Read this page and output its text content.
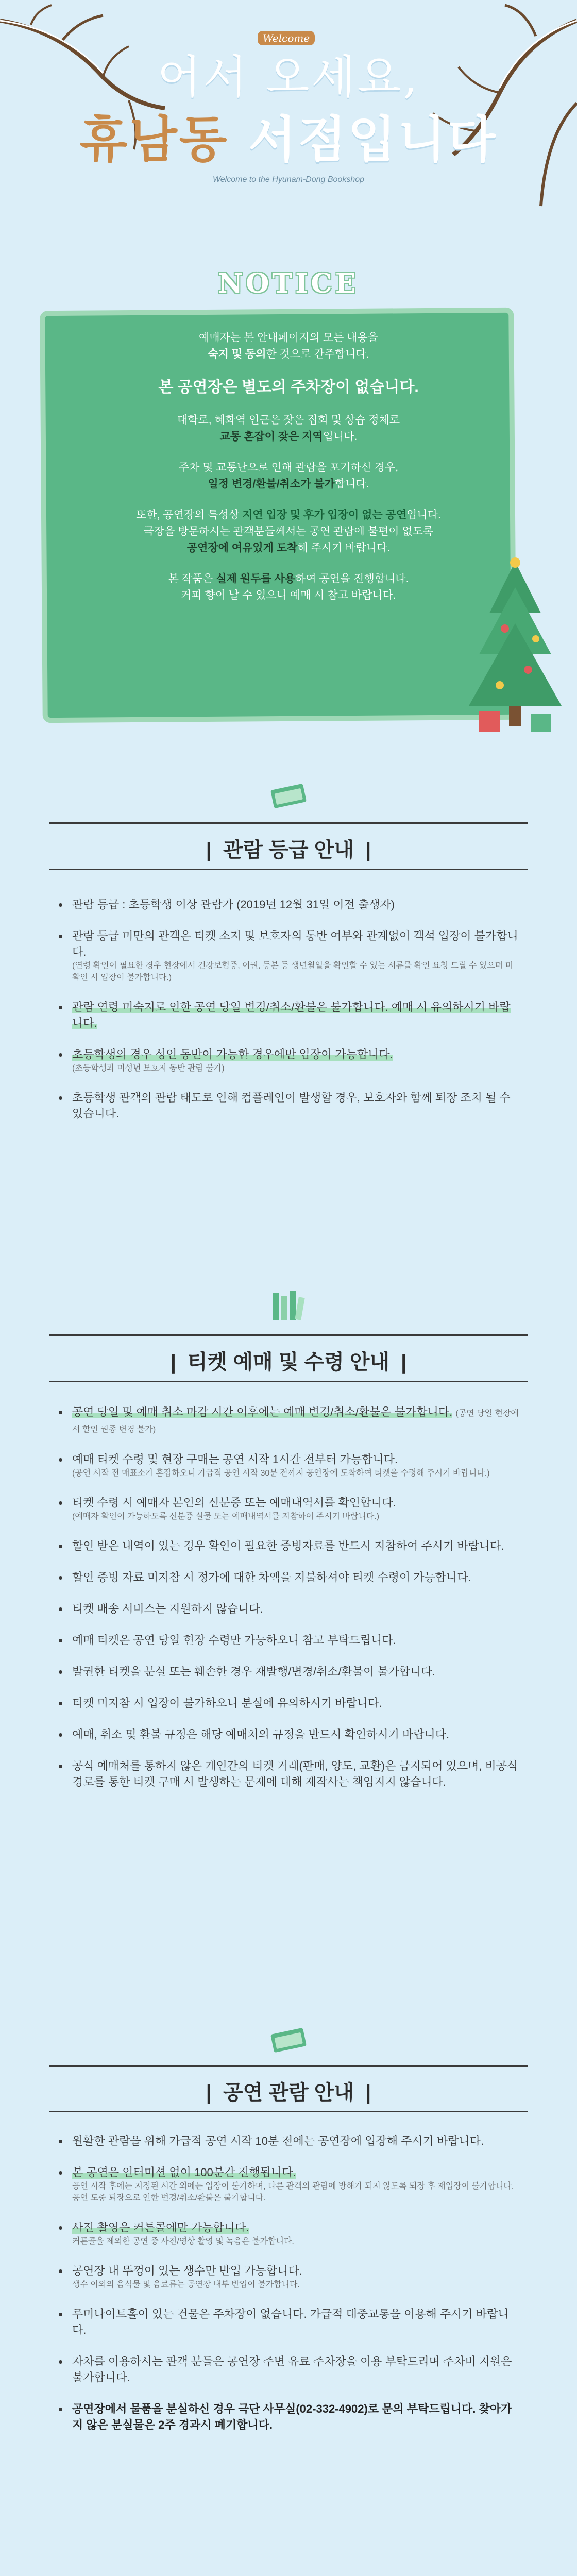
Welcome
어서 오세요,
휴남동 서점입니다
Welcome to the Hyunam-Dong Bookshop
NOTICE

예매자는 본 안내페이지의 모든 내용을
숙지 및 동의한 것으로 간주합니다.

본 공연장은 별도의 주차장이 없습니다.

대학로, 혜화역 인근은 잦은 집회 및 상습 정체로
교통 혼잡이 잦은 지역입니다.

주차 및 교통난으로 인해 관람을 포기하신 경우,
일정 변경/환불/취소가 불가합니다.

또한, 공연장의 특성상 지연 입장 및 후가 입장이 없는 공연입니다.
극장을 방문하시는 관객분들께서는 공연 관람에 불편이 없도록
공연장에 여유있게 도착해 주시기 바랍니다.

본 작품은 실제 원두를 사용하여 공연을 진행합니다.
커피 향이 날 수 있으니 예매 시 참고 바랍니다.

| 관람 등급 안내 |
관람 등급 : 초등학생 이상 관람가 (2019년 12월 31일 이전 출생자)
관람 등급 미만의 관객은 티켓 소지 및 보호자의 동반 여부와 관계없이 객석 입장이 불가합니다.
(연령 확인이 필요한 경우 현장에서 건강보험증, 여권, 등본 등 생년월일을 확인할 수 있는 서류를 확인 요청 드릴 수 있으며 미확인 시 입장이 불가합니다.)
관람 연령 미숙지로 인한 공연 당일 변경/취소/환불은 불가합니다. 예매 시 유의하시기 바랍니다.
초등학생의 경우 성인 동반이 가능한 경우에만 입장이 가능합니다.
(초등학생과 미성년 보호자 동반 관람 불가)
초등학생 관객의 관람 태도로 인해 컴플레인이 발생할 경우, 보호자와 함께 퇴장 조치 될 수 있습니다.
| 티켓 예매 및 수령 안내 |
공연 당일 및 예매 취소 마감 시간 이후에는 예매 변경/취소/환불은 불가합니다. (공연 당일 현장에서 할인 권종 변경 불가)
예매 티켓 수령 및 현장 구매는 공연 시작 1시간 전부터 가능합니다.
(공연 시작 전 매표소가 혼잡하오니 가급적 공연 시작 30분 전까지 공연장에 도착하여 티켓을 수령해 주시기 바랍니다.)
티켓 수령 시 예매자 본인의 신분증 또는 예매내역서를 확인합니다.
(예매자 확인이 가능하도록 신분증 실물 또는 예매내역서를 지참하여 주시기 바랍니다.)
할인 받은 내역이 있는 경우 확인이 필요한 증빙자료를 반드시 지참하여 주시기 바랍니다.
할인 증빙 자료 미지참 시 정가에 대한 차액을 지불하셔야 티켓 수령이 가능합니다.
티켓 배송 서비스는 지원하지 않습니다.
예매 티켓은 공연 당일 현장 수령만 가능하오니 참고 부탁드립니다.
발권한 티켓을 분실 또는 훼손한 경우 재발행/변경/취소/환불이 불가합니다.
티켓 미지참 시 입장이 불가하오니 분실에 유의하시기 바랍니다.
예매, 취소 및 환불 규정은 해당 예매처의 규정을 반드시 확인하시기 바랍니다.
공식 예매처를 통하지 않은 개인간의 티켓 거래(판매, 양도, 교환)은 금지되어 있으며, 비공식 경로를 통한 티켓 구매 시 발생하는 문제에 대해 제작사는 책임지지 않습니다.
| 공연 관람 안내 |
원활한 관람을 위해 가급적 공연 시작 10분 전에는 공연장에 입장해 주시기 바랍니다.
본 공연은 인터미션 없이 100분간 진행됩니다.
공연 시작 후에는 지정된 시간 외에는 입장이 불가하며, 다른 관객의 관람에 방해가 되지 않도록 퇴장 후 재입장이 불가합니다. 공연 도중 퇴장으로 인한 변경/취소/환불은 불가합니다.
사진 촬영은 커튼콜에만 가능합니다.
커튼콜을 제외한 공연 중 사진/영상 촬영 및 녹음은 불가합니다.
공연장 내 뚜껑이 있는 생수만 반입 가능합니다.
생수 이외의 음식물 및 음료류는 공연장 내부 반입이 불가합니다.
루미나이트홀이 있는 건물은 주차장이 없습니다. 가급적 대중교통을 이용해 주시기 바랍니다.
자차를 이용하시는 관객 분들은 공연장 주변 유료 주차장을 이용 부탁드리며 주차비 지원은 불가합니다.
공연장에서 물품을 분실하신 경우 극단 사무실(02-332-4902)로 문의 부탁드립니다. 찾아가지 않은 분실물은 2주 경과시 폐기합니다.
